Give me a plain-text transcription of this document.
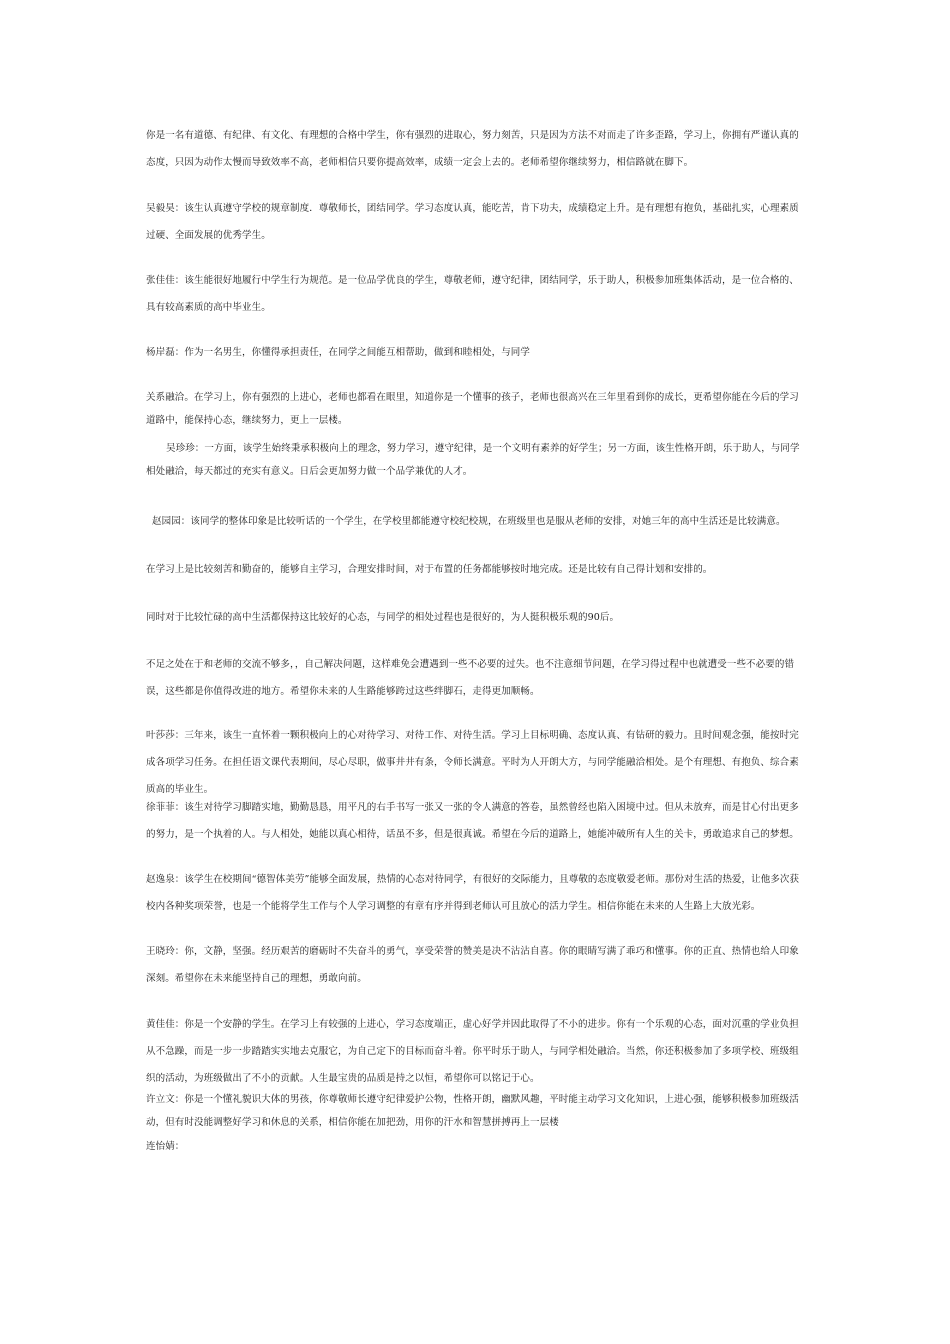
你是一名有道德、有纪律、有文化、有理想的合格中学生，你有强烈的进取心，努力刻苦，只是因为方法不对而走了许多歪路，学习上，你拥有严谨认真的态度，只因为动作太慢而导致效率不高，老师相信只要你提高效率，成绩一定会上去的。老师希望你继续努力，相信路就在脚下。
吴毅昊：该生认真遵守学校的规章制度．尊敬师长，团结同学。学习态度认真，能吃苦，肯下功夫，成绩稳定上升。是有理想有抱负，基础扎实，心理素质过硬、全面发展的优秀学生。
张佳佳：该生能很好地履行中学生行为规范。是一位品学优良的学生，尊敬老师，遵守纪律，团结同学，乐于助人，积极参加班集体活动，是一位合格的、具有较高素质的高中毕业生。
杨岸磊：作为一名男生，你懂得承担责任，在同学之间能互相帮助，做到和睦相处，与同学
关系融洽。在学习上，你有强烈的上进心，老师也都看在眼里，知道你是一个懂事的孩子，老师也很高兴在三年里看到你的成长，更希望你能在今后的学习道路中，能保持心态，继续努力，更上一层楼。
吴珍珍：一方面，该学生始终秉承积极向上的理念，努力学习，遵守纪律，是一个文明有素养的好学生；另一方面，该生性格开朗，乐于助人，与同学相处融洽，每天都过的充实有意义。日后会更加努力做一个品学兼优的人才。
赵园园：该同学的整体印象是比较听话的一个学生，在学校里都能遵守校纪校规，在班级里也是服从老师的安排，对她三年的高中生活还是比较满意。
在学习上是比较刻苦和勤奋的，能够自主学习，合理安排时间，对于布置的任务都能够按时地完成。还是比较有自己得计划和安排的。
同时对于比较忙碌的高中生活都保持这比较好的心态，与同学的相处过程也是很好的，为人挺积极乐观的90后。
不足之处在于和老师的交流不够多，，自己解决问题，这样难免会遭遇到一些不必要的过失。也不注意细节问题，在学习得过程中也就遭受一些不必要的错误，这些都是你值得改进的地方。希望你未来的人生路能够跨过这些绊脚石，走得更加顺畅。
叶莎莎：三年来，该生一直怀着一颗积极向上的心对待学习、对待工作、对待生活。学习上目标明确、态度认真、有钻研的毅力。且时间观念强，能按时完成各项学习任务。在担任语文课代表期间，尽心尽职，做事井井有条，令师长满意。平时为人开朗大方，与同学能融洽相处。是个有理想、有抱负、综合素质高的毕业生。
徐菲菲：该生对待学习脚踏实地，勤勤恳恳，用平凡的右手书写一张又一张的令人满意的答卷，虽然曾经也陷入困境中过。但从未放弃，而是甘心付出更多的努力，是一个执着的人。与人相处，她能以真心相待，话虽不多，但是很真诚。希望在今后的道路上，她能冲破所有人生的关卡，勇敢追求自己的梦想。
赵逸泉：该学生在校期间“德智体美劳”能够全面发展，热情的心态对待同学，有很好的交际能力，且尊敬的态度敬爱老师。那份对生活的热爱，让他多次获校内各种奖项荣誉，也是一个能将学生工作与个人学习调整的有章有序并得到老师认可且放心的活力学生。相信你能在未来的人生路上大放光彩。
王晓玲：你，文静，坚强。经历艰苦的磨砺时不失奋斗的勇气，享受荣誉的赞美是决不沾沾自喜。你的眼睛写满了乖巧和懂事。你的正直、热情也给人印象深刻。希望你在未来能坚持自己的理想，勇敢向前。
黄佳佳：你是一个安静的学生。在学习上有较强的上进心，学习态度端正，虚心好学并因此取得了不小的进步。你有一个乐观的心态，面对沉重的学业负担从不急躁，而是一步一步踏踏实实地去克服它，为自己定下的目标而奋斗着。你平时乐于助人，与同学相处融洽。当然，你还积极参加了多项学校、班级组织的活动，为班级做出了不小的贡献。人生最宝贵的品质是持之以恒，希望你可以铭记于心。
许立文：你是一个懂礼貌识大体的男孩，你尊敬师长遵守纪律爱护公物，性格开朗，幽默风趣，平时能主动学习文化知识，上进心强，能够积极参加班级活动，但有时没能调整好学习和休息的关系，相信你能在加把劲，用你的汗水和智慧拼搏再上一层楼
连怡婧：
